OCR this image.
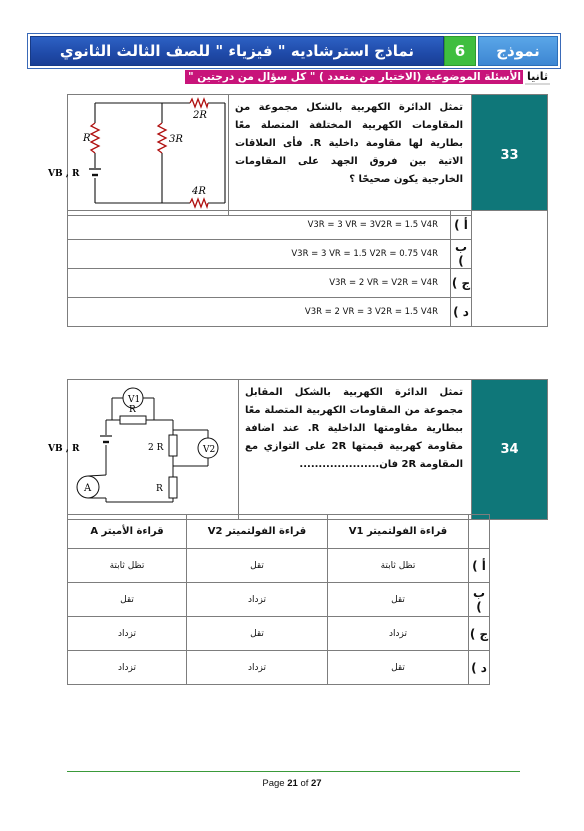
نماذج استرشاديه " فيزياء " للصف الثالث الثانوي	6	نموذج
ثانيا
الأسئلة الموضوعية (الاختيار من متعدد ) " كل سؤال من درجتين "
R	3R
2R
4R
VB , R
	تمثل الدائرة الكهربية بالشكل مجموعة من المقاومات الكهربية المختلفة المتصلة معًا بطارية لها مقاومة داخلية R. فأى العلاقات الاتية بين فروق الجهد على المقاومات الخارجية يكون صحيحًا ؟	33
V3R = 3 VR = 3V2R = 1.5 V4R	أ )	
V3R = 3 VR = 1.5 V2R = 0.75 V4R	ب )	
V3R = 2 VR = V2R = V4R	ج )	
V3R = 2 VR = 3 V2R = 1.5 V4R	د )	
V1
V2
A
R
2 R
R
VB , R
	تمثل الدائرة الكهربية بالشكل المقابل مجموعة من المقاومات الكهربية المتصلة معًا ببطارية مقاومتها الداخلية R. عند اضافة مقاومة كهربية قيمتها 2R على التوازي مع المقاومة 2R فان.....................	34
قراءة الأميتر A	قراءة الفولتميتر V2	قراءة الفولتميتر V1		
تظل ثابتة	تقل	تظل ثابتة	أ )	
تقل	تزداد	تقل	ب )	
تزداد	تقل	تزداد	ج )	
تزداد	تزداد	تقل	د )	
Page 21 of 27
